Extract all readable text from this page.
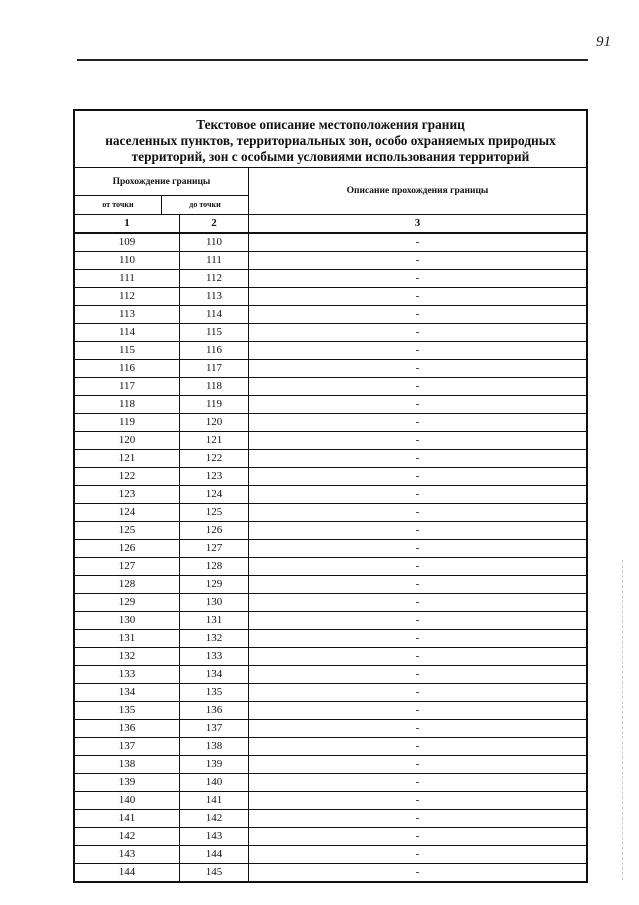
91
Текстовое описание местоположения границ
населенных пунктов, территориальных зон, особо охраняемых природных
территорий, зон с особыми условиями использования территорий
Прохождение границы
от точки	до точки
Описание прохождения границы
1	2	3
109	110	-
110	111	-
111	112	-
112	113	-
113	114	-
114	115	-
115	116	-
116	117	-
117	118	-
118	119	-
119	120	-
120	121	-
121	122	-
122	123	-
123	124	-
124	125	-
125	126	-
126	127	-
127	128	-
128	129	-
129	130	-
130	131	-
131	132	-
132	133	-
133	134	-
134	135	-
135	136	-
136	137	-
137	138	-
138	139	-
139	140	-
140	141	-
141	142	-
142	143	-
143	144	-
144	145	-
